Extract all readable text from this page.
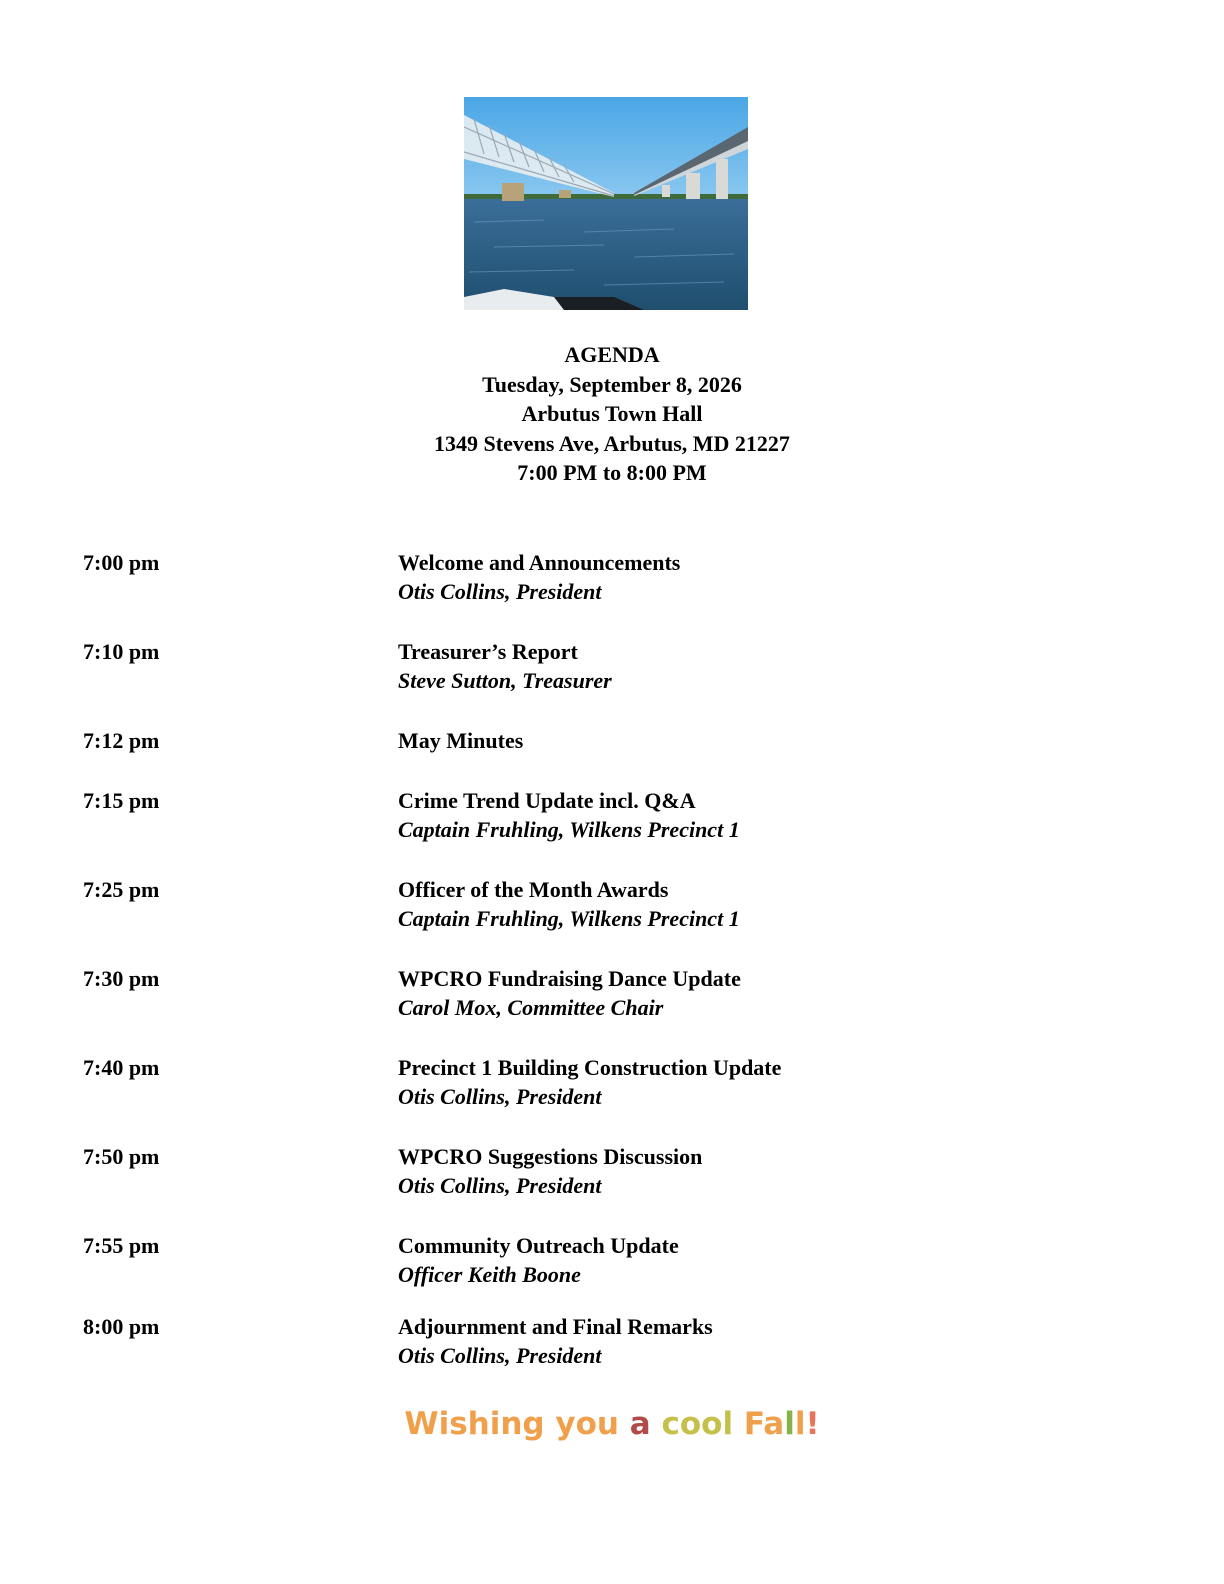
AGENDA
Tuesday, September 8, 2026
Arbutus Town Hall
1349 Stevens Ave, Arbutus, MD 21227
7:00 PM to 8:00 PM
7:00 pm	Welcome and Announcements
Otis Collins, President
7:10 pm	Treasurer’s Report
Steve Sutton, Treasurer
7:12 pm	May Minutes
7:15 pm	Crime Trend Update incl. Q&A
Captain Fruhling, Wilkens Precinct 1
7:25 pm	Officer of the Month Awards
Captain Fruhling, Wilkens Precinct 1
7:30 pm	WPCRO Fundraising Dance Update
Carol Mox, Committee Chair
7:40 pm	Precinct 1 Building Construction Update
Otis Collins, President
7:50 pm	WPCRO Suggestions Discussion
Otis Collins, President
7:55 pm	Community Outreach Update
Officer Keith Boone
8:00 pm	Adjournment and Final Remarks
Otis Collins, President
Wishing you a cool Fall!
